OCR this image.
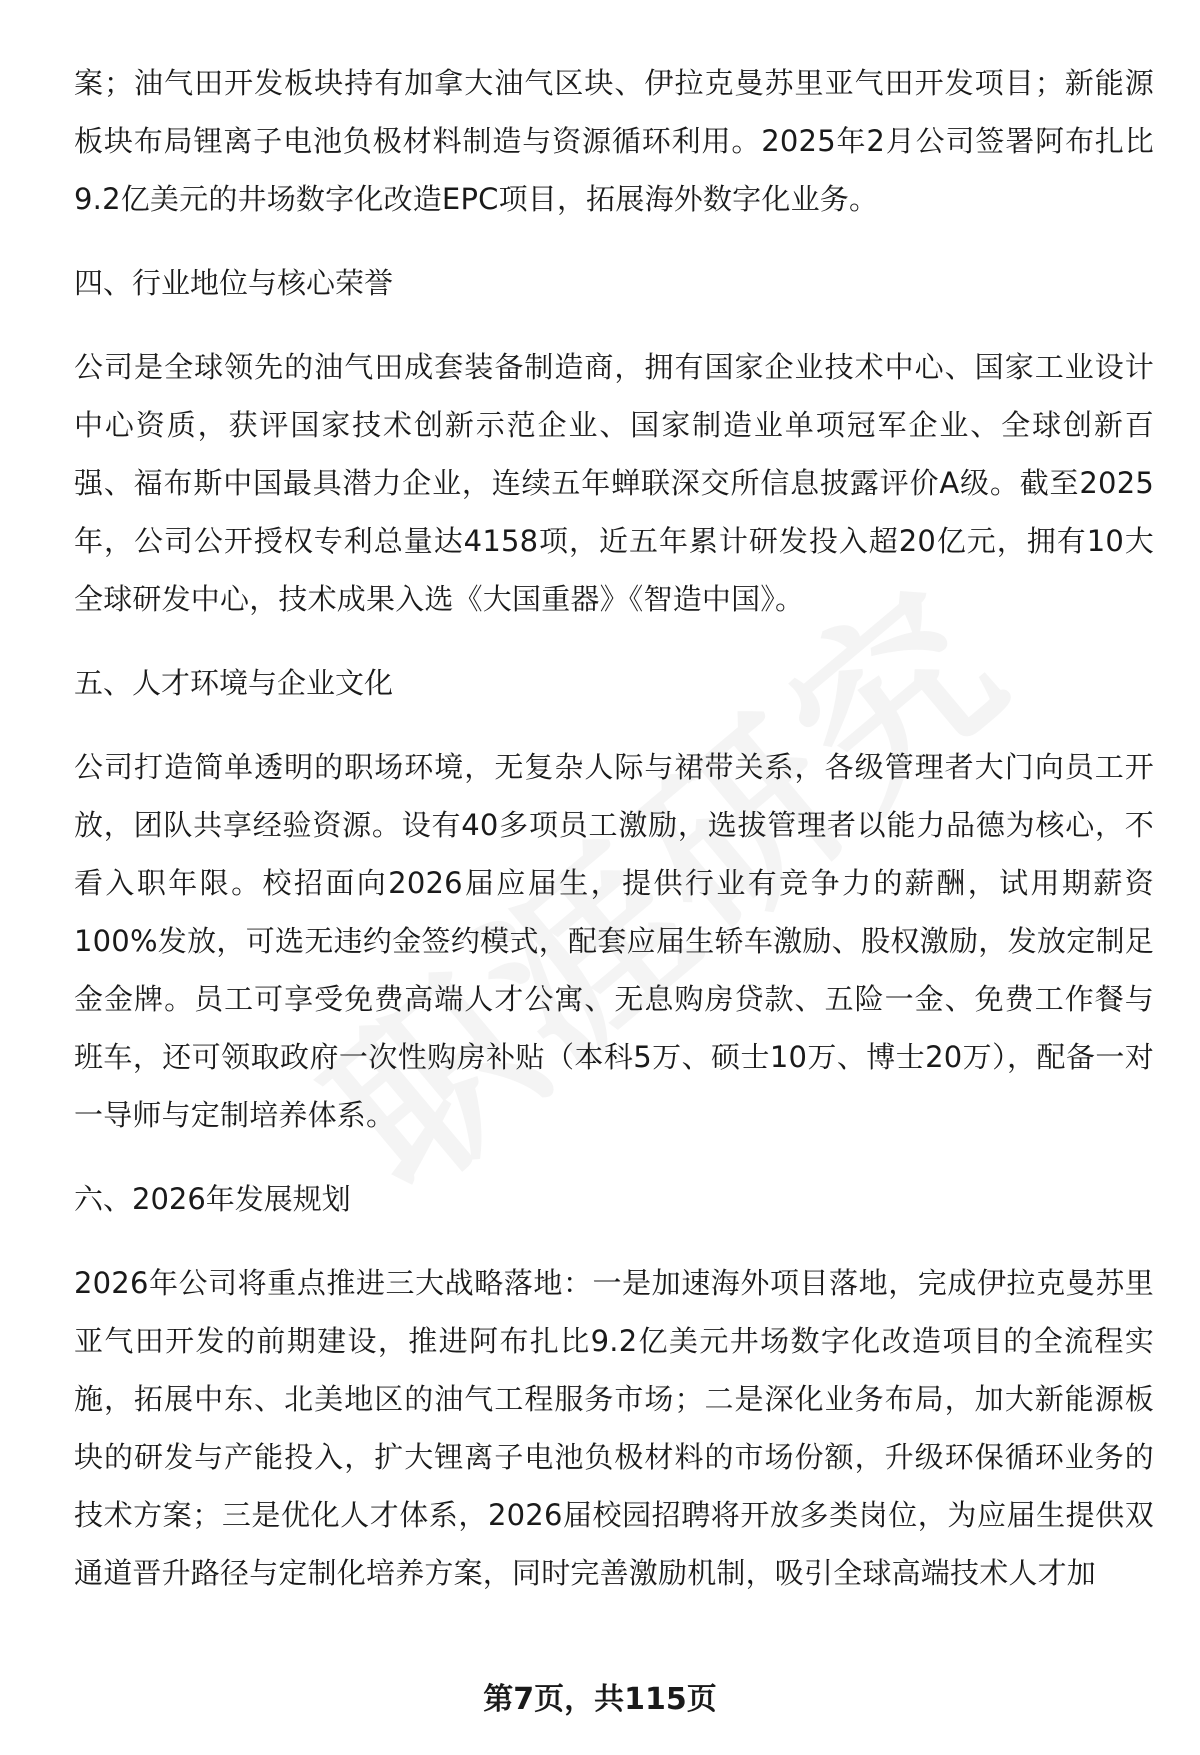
案；油气田开发板块持有加拿大油气区块、伊拉克曼苏里亚气田开发项目；新能源板块布局锂离子电池负极材料制造与资源循环利用。2025年2月公司签署阿布扎比9.2亿美元的井场数字化改造EPC项目，拓展海外数字化业务。

四、行业地位与核心荣誉

公司是全球领先的油气田成套装备制造商，拥有国家企业技术中心、国家工业设计中心资质，获评国家技术创新示范企业、国家制造业单项冠军企业、全球创新百强、福布斯中国最具潜力企业，连续五年蝉联深交所信息披露评价A级。截至2025年，公司公开授权专利总量达4158项，近五年累计研发投入超20亿元，拥有10大全球研发中心，技术成果入选《大国重器》《智造中国》。

五、人才环境与企业文化

公司打造简单透明的职场环境，无复杂人际与裙带关系，各级管理者大门向员工开放，团队共享经验资源。设有40多项员工激励，选拔管理者以能力品德为核心，不看入职年限。校招面向2026届应届生，提供行业有竞争力的薪酬，试用期薪资100%发放，可选无违约金签约模式，配套应届生轿车激励、股权激励，发放定制足金金牌。员工可享受免费高端人才公寓、无息购房贷款、五险一金、免费工作餐与班车，还可领取政府一次性购房补贴（本科5万、硕士10万、博士20万），配备一对一导师与定制培养体系。

六、2026年发展规划

2026年公司将重点推进三大战略落地：一是加速海外项目落地，完成伊拉克曼苏里亚气田开发的前期建设，推进阿布扎比9.2亿美元井场数字化改造项目的全流程实施，拓展中东、北美地区的油气工程服务市场；二是深化业务布局，加大新能源板块的研发与产能投入，扩大锂离子电池负极材料的市场份额，升级环保循环业务的技术方案；三是优化人才体系，2026届校园招聘将开放多类岗位，为应届生提供双通道晋升路径与定制化培养方案，同时完善激励机制，吸引全球高端技术人才加

第7页，共115页
